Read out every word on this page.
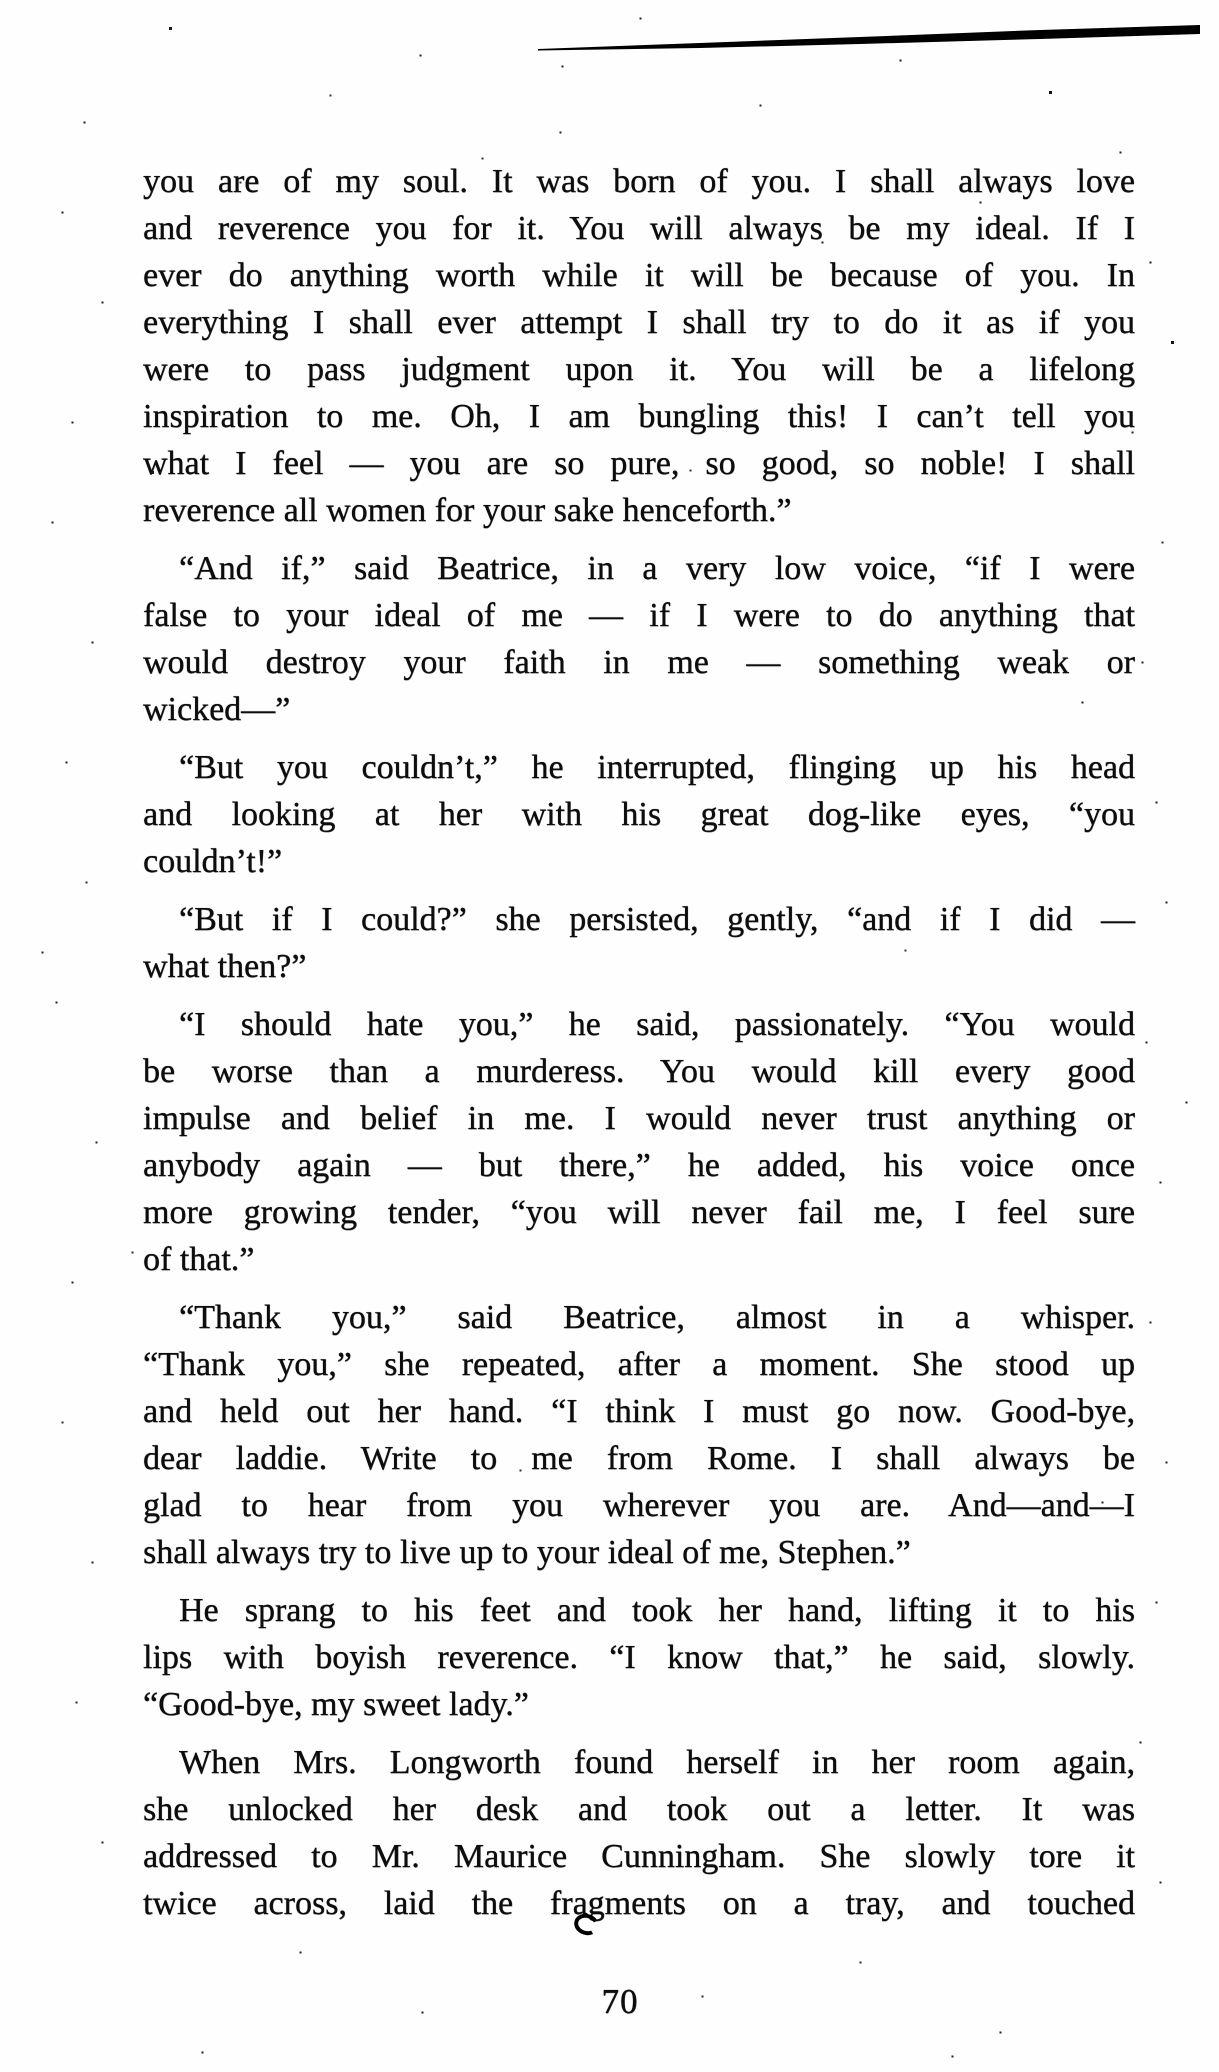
you are of my soul. It was born of you. I shall always love
and reverence you for it. You will always be my ideal. If I
ever do anything worth while it will be because of you. In
everything I shall ever attempt I shall try to do it as if you
were to pass judgment upon it. You will be a lifelong
inspiration to me. Oh, I am bungling this! I can’t tell you
what I feel — you are so pure, so good, so noble! I shall
reverence all women for your sake henceforth.”
“And if,” said Beatrice, in a very low voice, “if I were
false to your ideal of me — if I were to do anything that
would destroy your faith in me — something weak or
wicked—”
“But you couldn’t,” he interrupted, flinging up his head
and looking at her with his great dog-like eyes, “you
couldn’t!”
“But if I could?” she persisted, gently, “and if I did —
what then?”
“I should hate you,” he said, passionately. “You would
be worse than a murderess. You would kill every good
impulse and belief in me. I would never trust anything or
anybody again — but there,” he added, his voice once
more growing tender, “you will never fail me, I feel sure
of that.”
“Thank you,” said Beatrice, almost in a whisper.
“Thank you,” she repeated, after a moment. She stood up
and held out her hand. “I think I must go now. Good-bye,
dear laddie. Write to me from Rome. I shall always be
glad to hear from you wherever you are. And—and—I
shall always try to live up to your ideal of me, Stephen.”
He sprang to his feet and took her hand, lifting it to his
lips with boyish reverence. “I know that,” he said, slowly.
“Good-bye, my sweet lady.”
When Mrs. Longworth found herself in her room again,
she unlocked her desk and took out a letter. It was
addressed to Mr. Maurice Cunningham. She slowly tore it
twice across, laid the fragments on a tray, and touched
70
